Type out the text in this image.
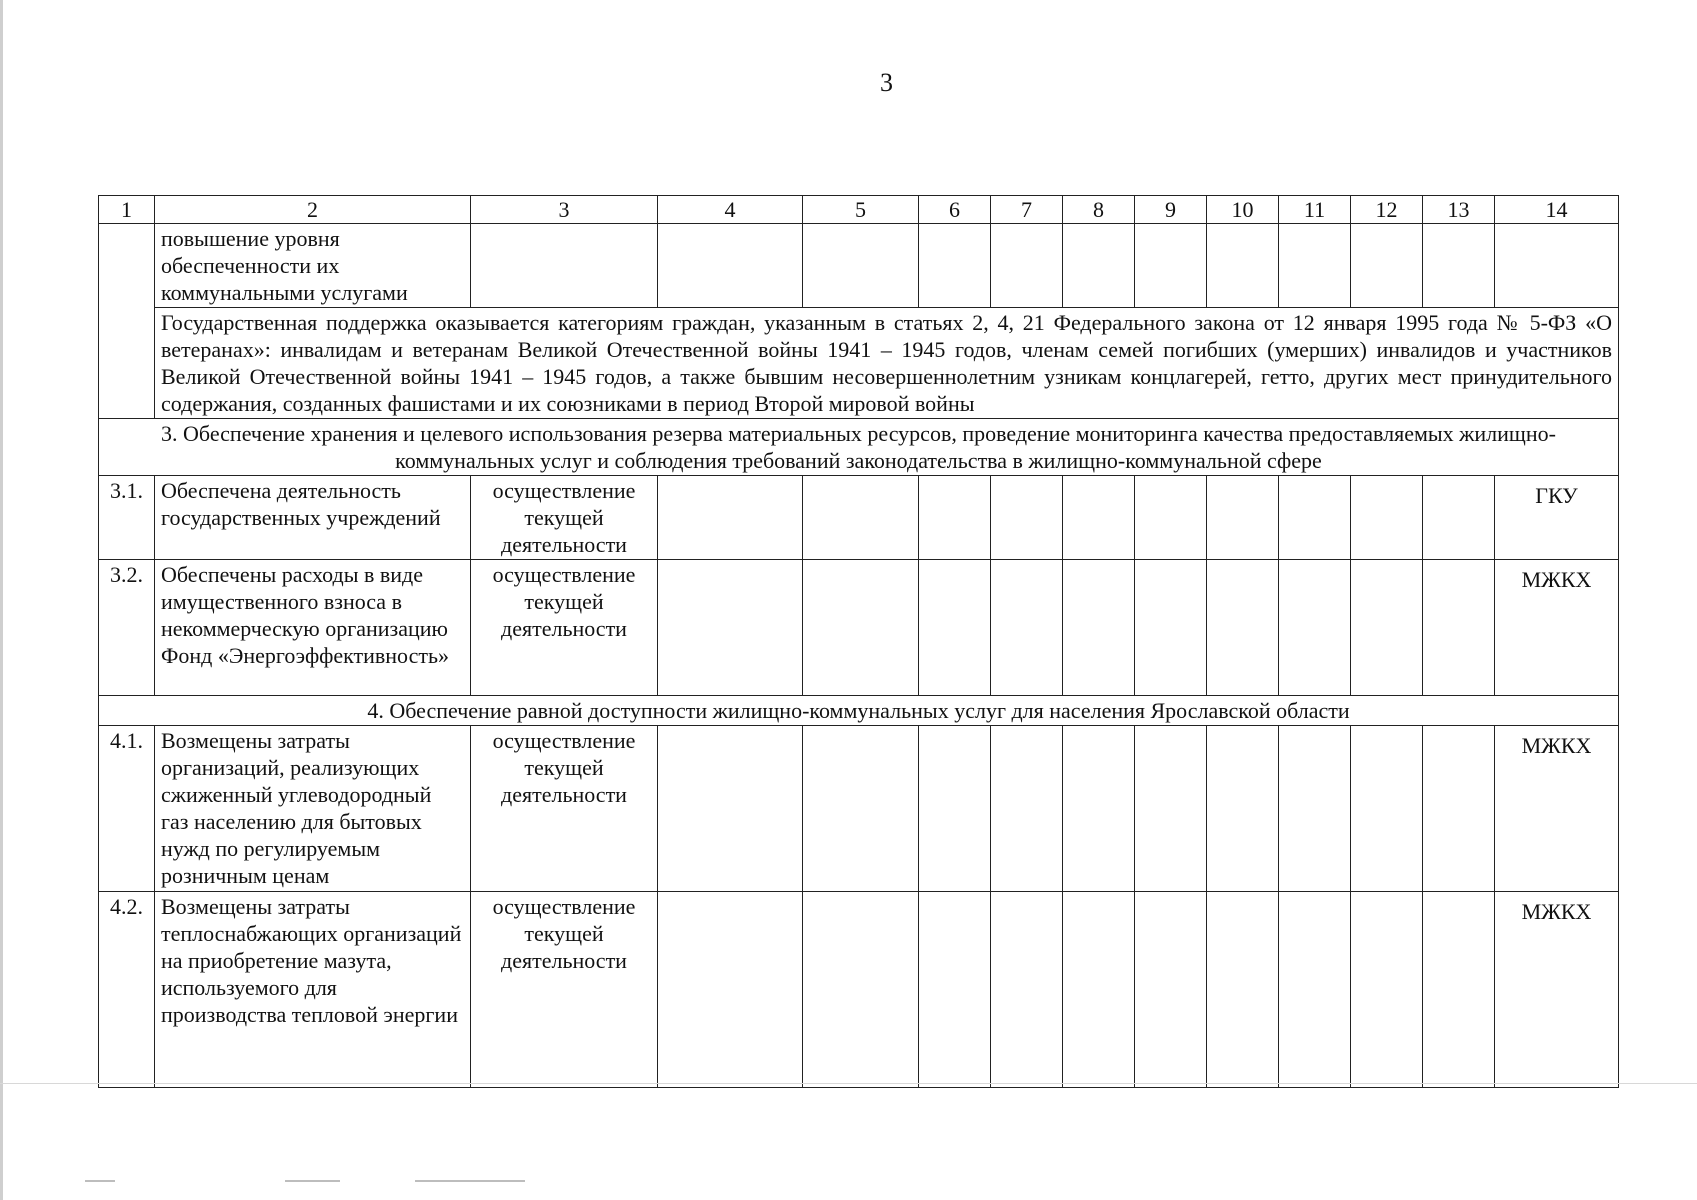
3
1	2	3	4	5	6	7	8	9	10	11	12	13	14
	повышение уровня обеспеченности их коммунальными услугами												
	Государственная поддержка оказывается категориям граждан, указанным в статьях 2, 4, 21 Федерального закона от 12 января 1995 года № 5-ФЗ «О ветеранах»: инвалидам и ветеранам Великой Отечественной войны 1941 – 1945 годов, членам семей погибших (умерших) инвалидов и участников Великой Отечественной войны 1941 – 1945 годов, а также бывшим несовершеннолетним узникам концлагерей, гетто, других мест принудительного содержания, созданных фашистами и их союзниками в период Второй мировой войны												
3. Обеспечение хранения и целевого использования резерва материальных ресурсов, проведение мониторинга качества предоставляемых жилищно-коммунальных услуг и соблюдения требований законодательства в жилищно-коммунальной сфере													
3.1.	Обеспечена деятельность государственных учреждений	осуществление текущей деятельности											ГКУ
3.2.	Обеспечены расходы в виде имущественного взноса в некоммерческую организацию Фонд «Энергоэффективность»	осуществление текущей деятельности											МЖКХ
4. Обеспечение равной доступности жилищно-коммунальных услуг для населения Ярославской области													
4.1.	Возмещены затраты организаций, реализующих сжиженный углеводородный газ населению для бытовых нужд по регулируемым розничным ценам	осуществление текущей деятельности											МЖКХ
4.2.	Возмещены затраты теплоснабжающих организаций на приобретение мазута, используемого для производства тепловой энергии	осуществление текущей деятельности											МЖКХ
